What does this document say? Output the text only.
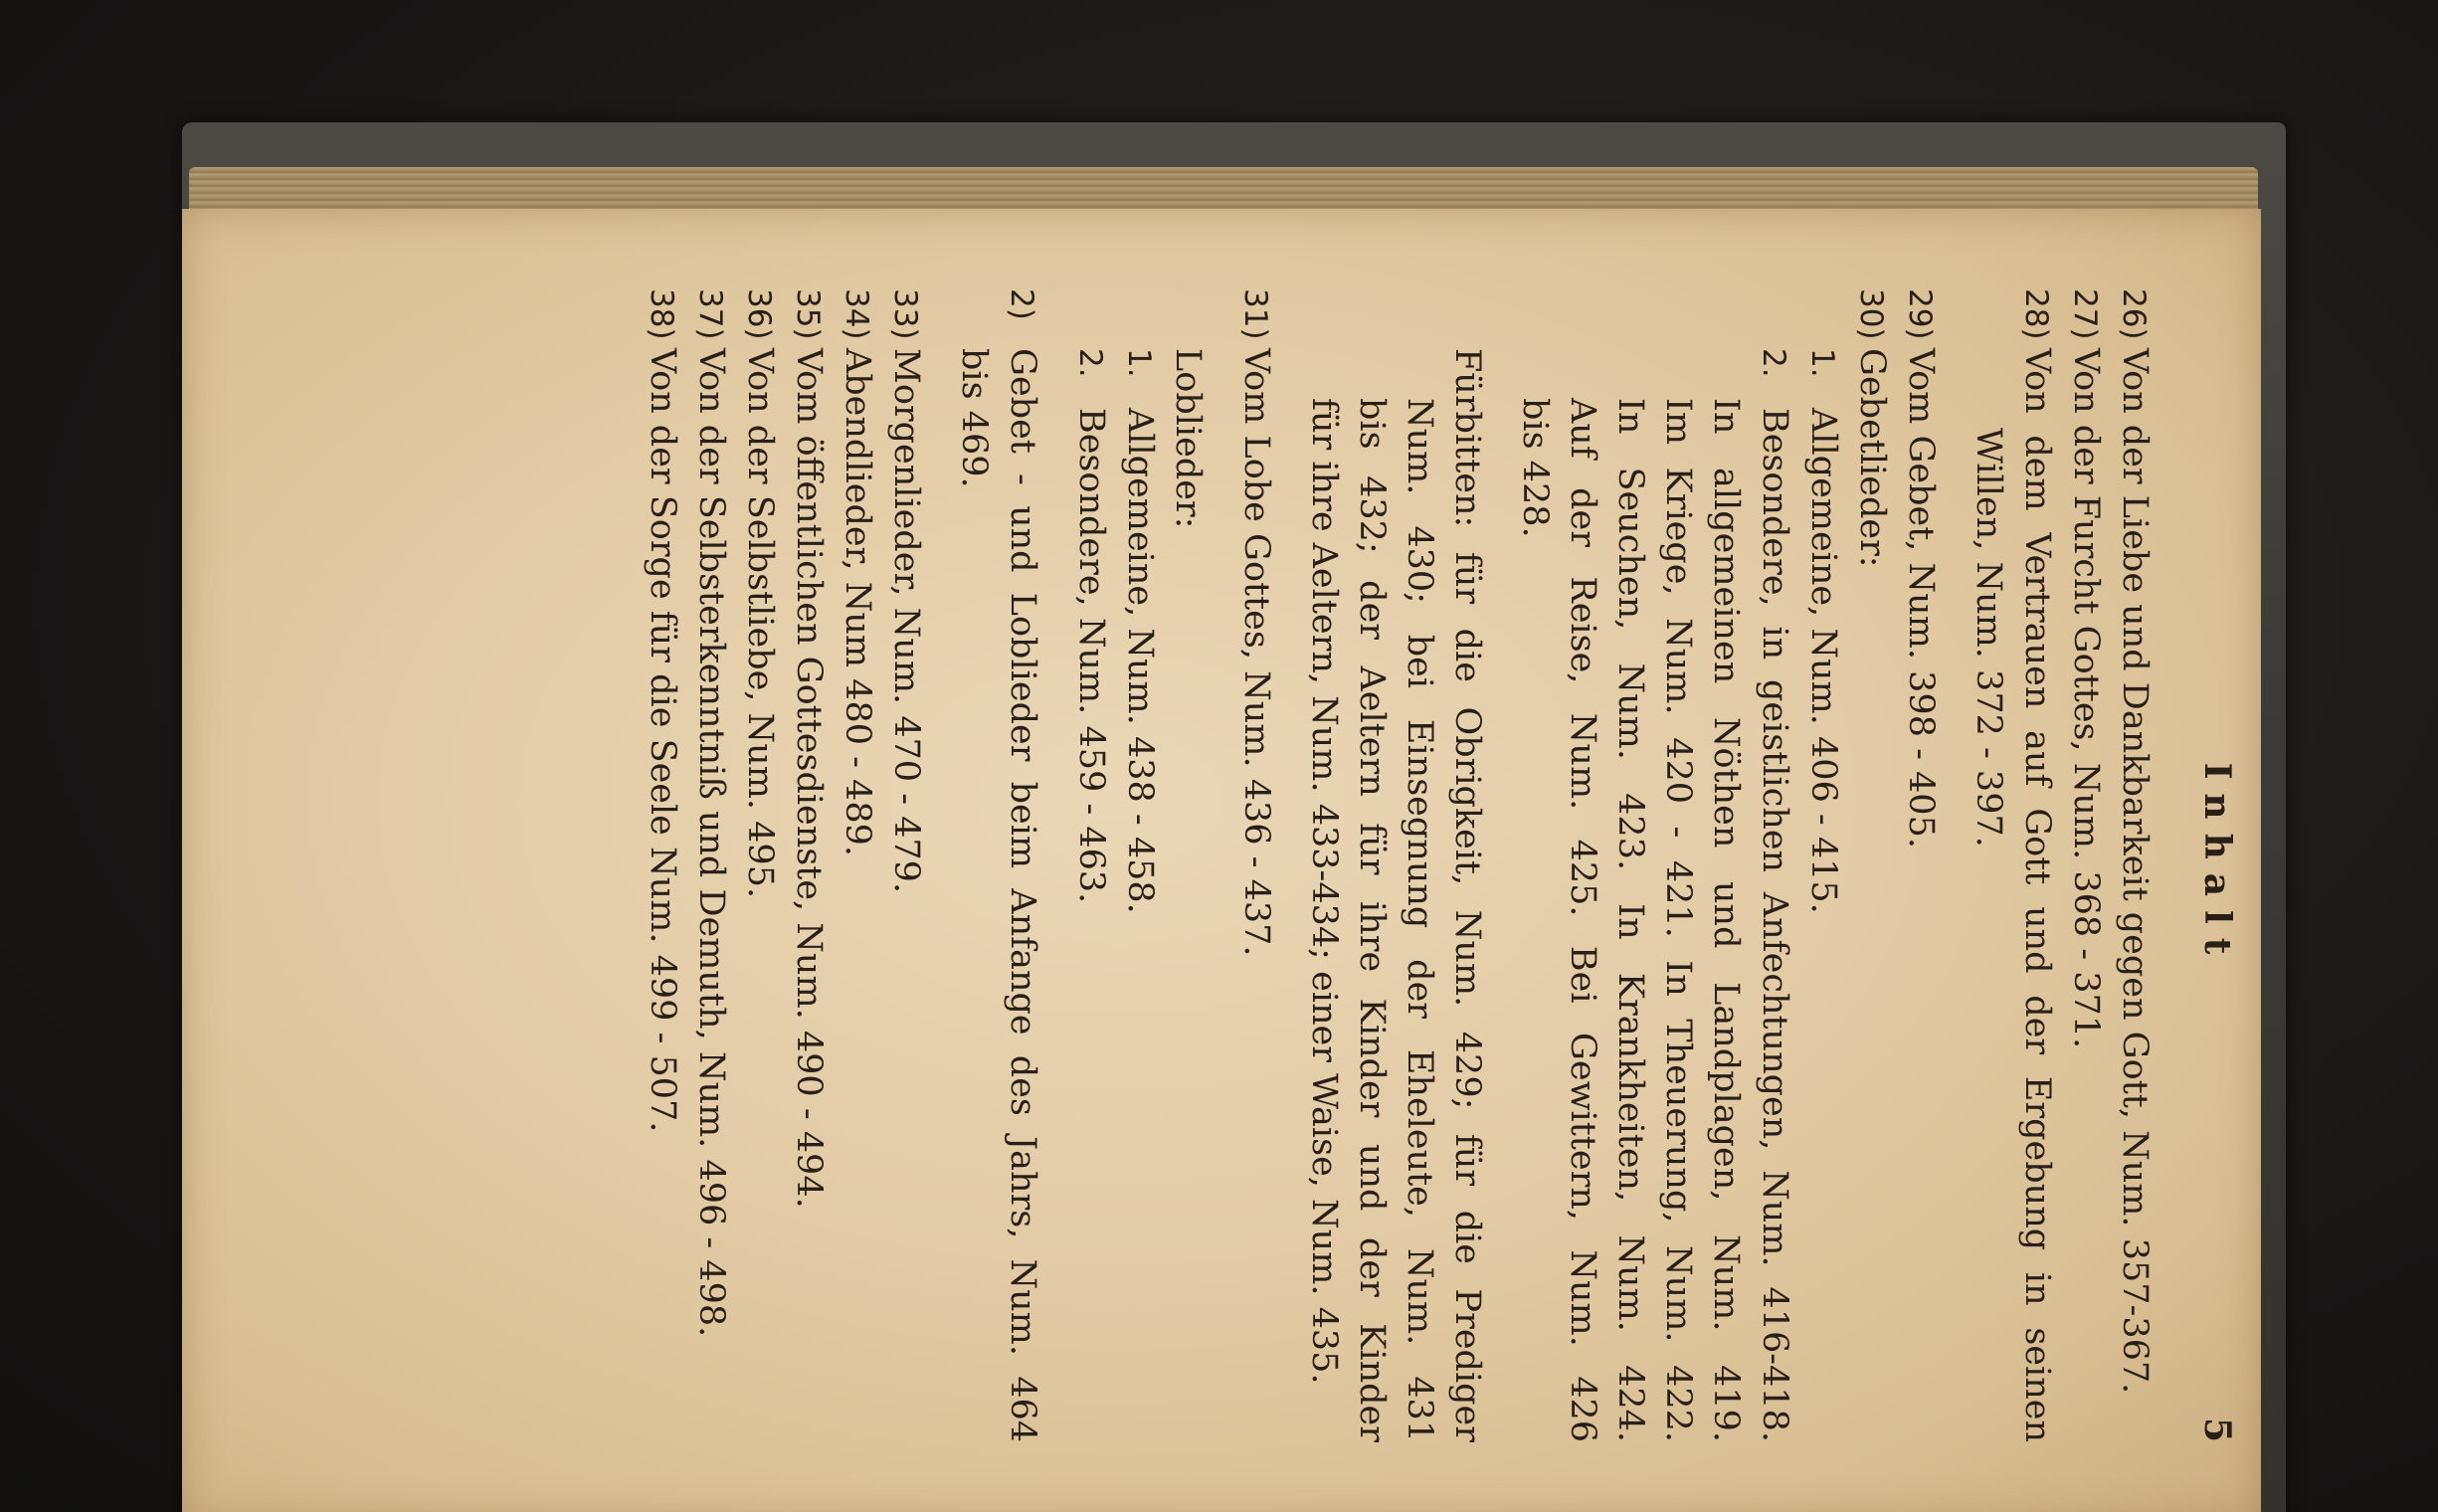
Inhalt
5
26)Von der Liebe und Dankbarkeit gegen Gott, Num. 357-367.
27)Von der Furcht Gottes, Num. 368 - 371.
28)Von dem Vertrauen auf Gott und der Ergebung in seinen
Willen, Num. 372 - 397.
29)Vom Gebet, Num. 398 - 405.
30)Gebetlieder:
1.Allgemeine, Num. 406 - 415.
2.Besondere, in geistlichen Anfechtungen, Num. 416-418.
In allgemeinen Nöthen und Landplagen, Num. 419.
Im Kriege, Num. 420 - 421. In Theuerung, Num. 422.
In Seuchen, Num. 423. In Krankheiten, Num. 424.
Auf der Reise, Num. 425. Bei Gewittern, Num. 426
bis 428.
Fürbitten: für die Obrigkeit, Num. 429; für die Prediger
Num. 430; bei Einsegnung der Eheleute, Num. 431
bis 432; der Aeltern für ihre Kinder und der Kinder
für ihre Aeltern, Num. 433-434; einer Waise, Num. 435.
31)Vom Lobe Gottes, Num. 436 - 437.
Loblieder:
1.Allgemeine, Num. 438 - 458.
2.Besondere, Num. 459 - 463.
2)Gebet - und Loblieder beim Anfange des Jahrs, Num. 464
bis 469.
33)Morgenlieder, Num. 470 - 479.
34)Abendlieder, Num 480 - 489.
35)Vom öffentlichen Gottesdienste, Num. 490 - 494.
36)Von der Selbstliebe, Num. 495.
37)Von der Selbsterkenntniß und Demuth, Num. 496 - 498.
38)Von der Sorge für die Seele Num. 499 - 507.
